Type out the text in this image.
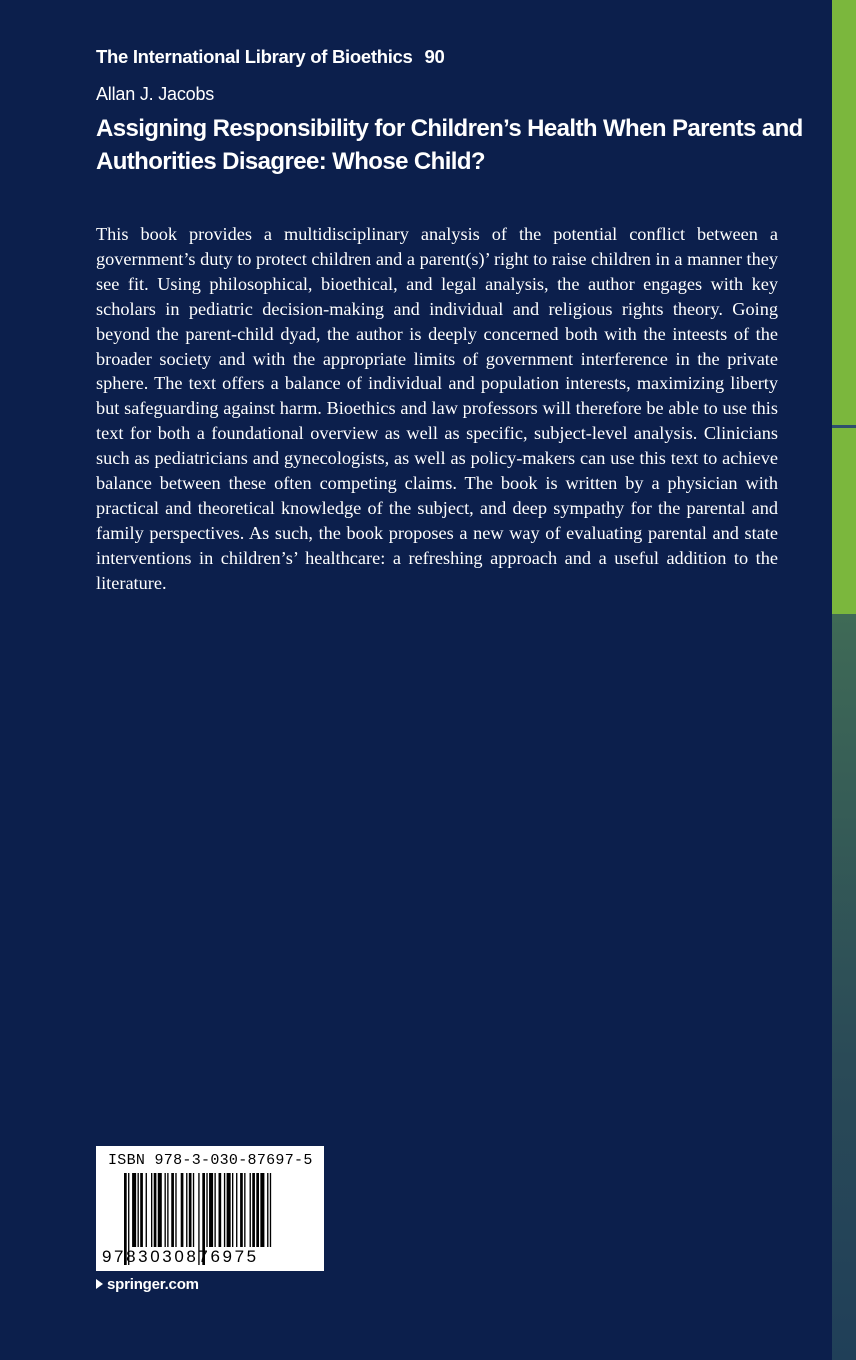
The International Library of Bioethics 90
Allan J. Jacobs
Assigning Responsibility for Children’s Health When Parents and Authorities Disagree: Whose Child?

This book provides a multidisciplinary analysis of the potential conflict between a government’s duty to protect children and a parent(s)’ right to raise children in a manner they see fit. Using philosophical, bioethical, and legal analysis, the author engages with key scholars in pediatric decision-making and individual and religious rights theory. Going beyond the parent-child dyad, the author is deeply concerned both with the inteests of the broader society and with the appropriate limits of government interference in the private sphere. The text offers a balance of individual and population interests, maximizing liberty but safeguarding against harm. Bioethics and law professors will therefore be able to use this text for both a foundational overview as well as specific, subject-level analysis. Clinicians such as pediatricians and gynecologists, as well as policy-makers can use this text to achieve balance between these often competing claims. The book is written by a physician with practical and theoretical knowledge of the subject, and deep sympathy for the parental and family perspectives. As such, the book proposes a new way of evaluating parental and state interventions in children’s’ healthcare: a refreshing approach and a useful addition to the literature.

ISBN 978-3-030-87697-5
9783030876975
springer.com
